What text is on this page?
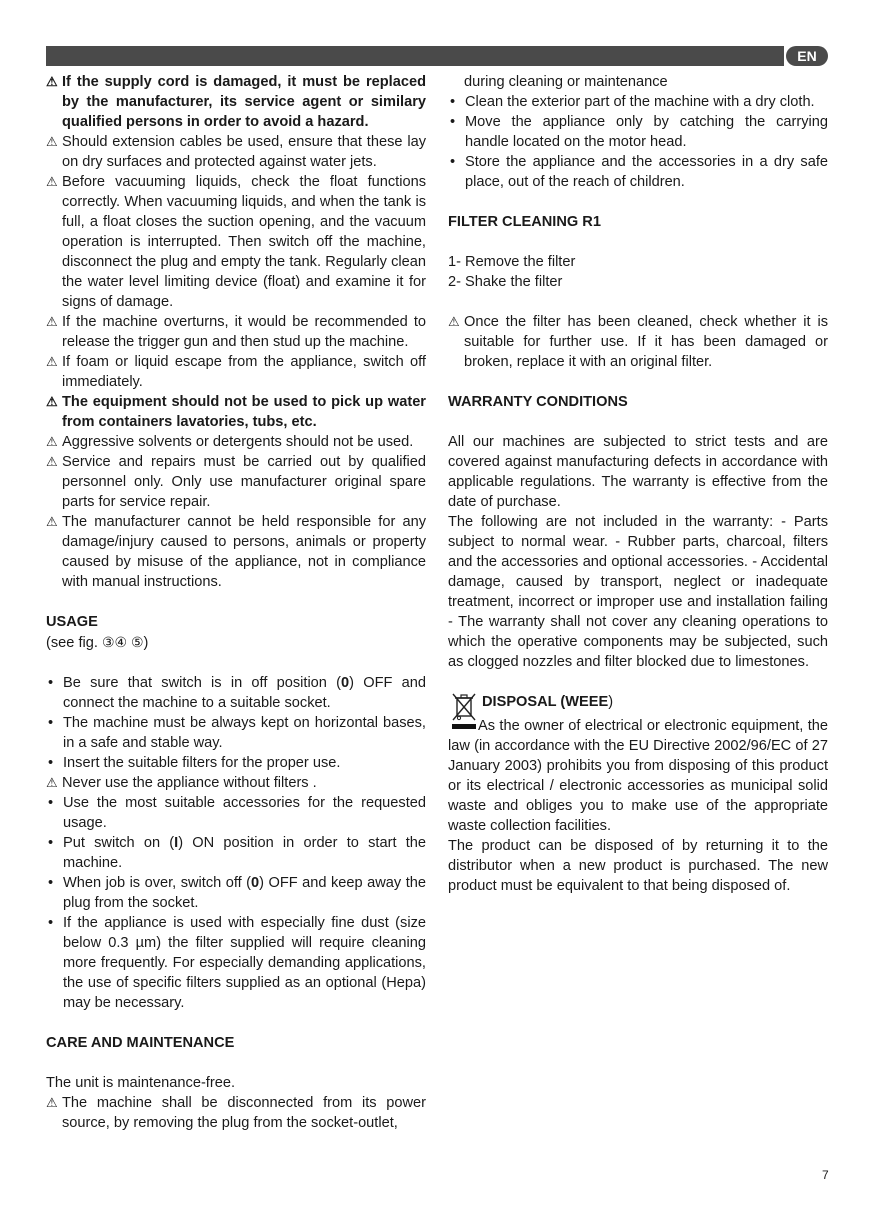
EN

⚠ If the supply cord is damaged, it must be replaced by the manufacturer, its service agent or similary qualified persons in order to avoid a hazard.

⚠ Should extension cables be used, ensure that these lay on dry surfaces and protected against water jets.

⚠ Before vacuuming liquids, check the float functions correctly. When vacuuming liquids, and when the tank is full, a float closes the suction opening, and the vacuum operation is interrupted. Then switch off the machine, disconnect the plug and empty the tank. Regularly clean the water level limiting device (float) and examine it for signs of damage.

⚠ If the machine overturns, it would be recommended to release the trigger gun and then stud up the machine.

⚠ If foam or liquid escape from the appliance, switch off immediately.

⚠ The equipment should not be used to pick up water from containers lavatories, tubs, etc.

⚠ Aggressive solvents or detergents should not be used.

⚠ Service and repairs must be carried out by qualified personnel only. Only use manufacturer original spare parts for service repair.

⚠ The manufacturer cannot be held responsible for any damage/injury caused to persons, animals or property caused by misuse of the appliance, not in compliance with manual instructions.

USAGE

(see fig. ③④ ⑤)

• Be sure that switch is in off position (0) OFF and connect the machine to a suitable socket.

• The machine must be always kept on horizontal bases, in a safe and stable way.

• Insert the suitable filters for the proper use.

⚠ Never use the appliance without filters .

• Use the most suitable accessories for the requested usage.

• Put switch on (I) ON position in order to start the machine.

• When job is over, switch off (0) OFF and keep away the plug from the socket.

• If the appliance is used with especially fine dust (size below 0.3 µm) the filter supplied will require cleaning more frequently. For especially demanding applications, the use of specific filters supplied as an optional (Hepa) may be necessary.

CARE AND MAINTENANCE

The unit is maintenance-free.

⚠ The machine shall be disconnected from its power source, by removing the plug from the socket-outlet,

during cleaning or maintenance

• Clean the exterior part of the machine with a dry cloth.

• Move the appliance only by catching the carrying handle located on the motor head.

• Store the appliance and the accessories in a dry safe place, out of the reach of children.

FILTER CLEANING R1

1- Remove the filter

2- Shake the filter

⚠ Once the filter has been cleaned, check whether it is suitable for further use. If it has been damaged or broken, replace it with an original filter.

WARRANTY CONDITIONS

All our machines are subjected to strict tests and are covered against manufacturing defects in accordance with applicable regulations. The warranty is effective from the date of purchase.

The following are not included in the warranty: - Parts subject to normal wear. - Rubber parts, charcoal, filters and the accessories and optional accessories. - Accidental damage, caused by transport, neglect or inadequate treatment, incorrect or improper use and installation failing - The warranty shall not cover any cleaning operations to which the operative components may be subjected, such as clogged nozzles and filter blocked due to limestones.

DISPOSAL (WEEE)

As the owner of electrical or electronic equipment, the law (in accordance with the EU Directive 2002/96/EC of 27 January 2003) prohibits you from disposing of this product or its electrical / electronic accessories as municipal solid waste and obliges you to make use of the appropriate waste collection facilities.

The product can be disposed of by returning it to the distributor when a new product is purchased. The new product must be equivalent to that being disposed of.

7
